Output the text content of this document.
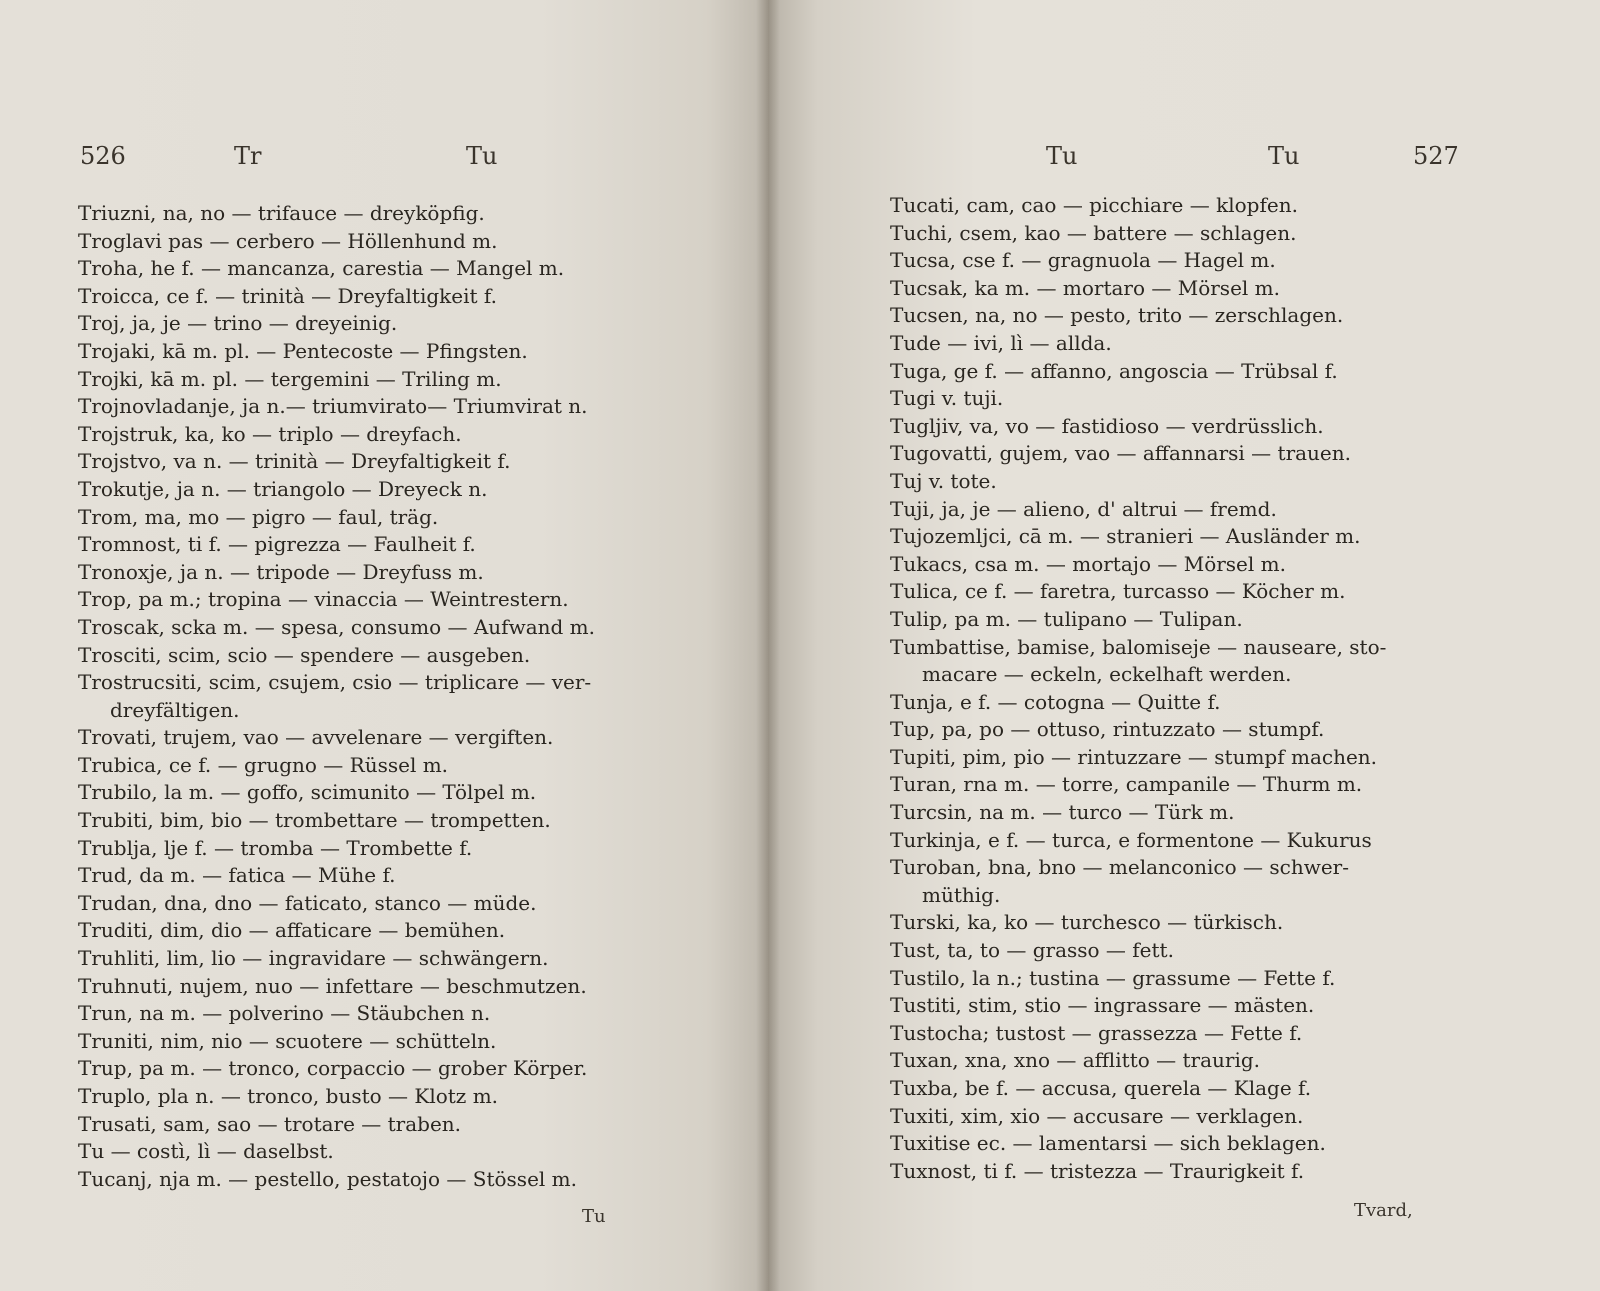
526	Tr	Tu
Triuzni, na, no — trifauce — dreyköpfig.
Troglavi pas — cerbero — Höllenhund m.
Troha, he f. — mancanza, carestia — Mangel m.
Troicca, ce f. — trinità — Dreyfaltigkeit f.
Troj, ja, je — trino — dreyeinig.
Trojaki, kā m. pl. — Pentecoste — Pfingsten.
Trojki, kā m. pl. — tergemini — Triling m.
Trojnovladanje, ja n.— triumvirato— Triumvirat n.
Trojstruk, ka, ko — triplo — dreyfach.
Trojstvo, va n. — trinità — Dreyfaltigkeit f.
Trokutje, ja n. — triangolo — Dreyeck n.
Trom, ma, mo — pigro — faul, träg.
Tromnost, ti f. — pigrezza — Faulheit f.
Tronoxje, ja n. — tripode — Dreyfuss m.
Trop, pa m.; tropina — vinaccia — Weintrestern.
Troscak, scka m. — spesa, consumo — Aufwand m.
Trosciti, scim, scio — spendere — ausgeben.
Trostrucsiti, scim, csujem, csio — triplicare — ver-
dreyfältigen.
Trovati, trujem, vao — avvelenare — vergiften.
Trubica, ce f. — grugno — Rüssel m.
Trubilo, la m. — goffo, scimunito — Tölpel m.
Trubiti, bim, bio — trombettare — trompetten.
Trublja, lje f. — tromba — Trombette f.
Trud, da m. — fatica — Mühe f.
Trudan, dna, dno — faticato, stanco — müde.
Truditi, dim, dio — affaticare — bemühen.
Truhliti, lim, lio — ingravidare — schwängern.
Truhnuti, nujem, nuo — infettare — beschmutzen.
Trun, na m. — polverino — Stäubchen n.
Truniti, nim, nio — scuotere — schütteln.
Trup, pa m. — tronco, corpaccio — grober Körper.
Truplo, pla n. — tronco, busto — Klotz m.
Trusati, sam, sao — trotare — traben.
Tu — costì, lì — daselbst.
Tucanj, nja m. — pestello, pestatojo — Stössel m.
Tu
Tu	Tu	527
Tucati, cam, cao — picchiare — klopfen.
Tuchi, csem, kao — battere — schlagen.
Tucsa, cse f. — gragnuola — Hagel m.
Tucsak, ka m. — mortaro — Mörsel m.
Tucsen, na, no — pesto, trito — zerschlagen.
Tude — ivi, lì — allda.
Tuga, ge f. — affanno, angoscia — Trübsal f.
Tugi v. tuji.
Tugljiv, va, vo — fastidioso — verdrüsslich.
Tugovatti, gujem, vao — affannarsi — trauen.
Tuj v. tote.
Tuji, ja, je — alieno, d' altrui — fremd.
Tujozemljci, cā m. — stranieri — Ausländer m.
Tukacs, csa m. — mortajo — Mörsel m.
Tulica, ce f. — faretra, turcasso — Köcher m.
Tulip, pa m. — tulipano — Tulipan.
Tumbattise, bamise, balomiseje — nauseare, sto-
macare — eckeln, eckelhaft werden.
Tunja, e f. — cotogna — Quitte f.
Tup, pa, po — ottuso, rintuzzato — stumpf.
Tupiti, pim, pio — rintuzzare — stumpf machen.
Turan, rna m. — torre, campanile — Thurm m.
Turcsin, na m. — turco — Türk m.
Turkinja, e f. — turca, e formentone — Kukurus
Turoban, bna, bno — melanconico — schwer-
müthig.
Turski, ka, ko — turchesco — türkisch.
Tust, ta, to — grasso — fett.
Tustilo, la n.; tustina — grassume — Fette f.
Tustiti, stim, stio — ingrassare — mästen.
Tustocha; tustost — grassezza — Fette f.
Tuxan, xna, xno — afflitto — traurig.
Tuxba, be f. — accusa, querela — Klage f.
Tuxiti, xim, xio — accusare — verklagen.
Tuxitise ec. — lamentarsi — sich beklagen.
Tuxnost, ti f. — tristezza — Traurigkeit f.
Tvard,
